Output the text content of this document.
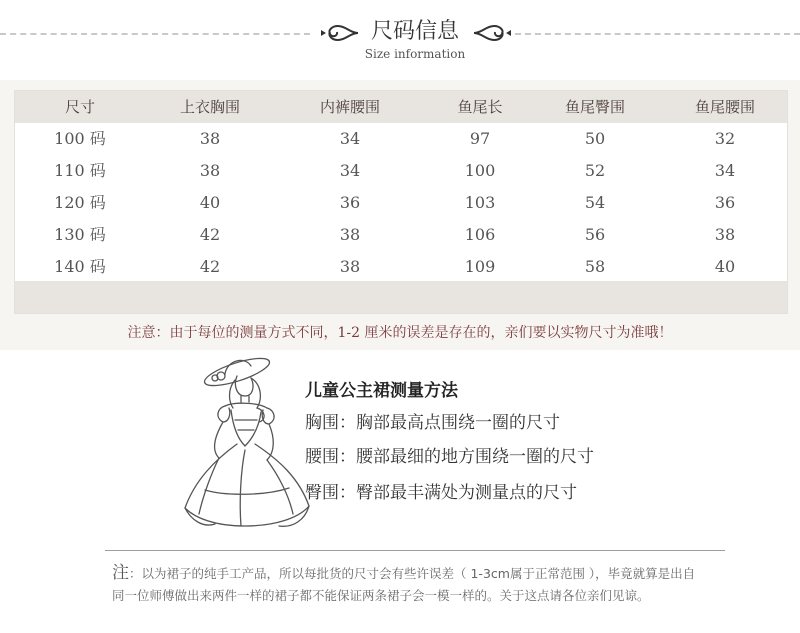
尺码信息
Size information
尺寸	上衣胸围	内裤腰围	鱼尾长	鱼尾臀围	鱼尾腰围
100 码	38	34	97	50	32
110 码	38	34	100	52	34
120 码	40	36	103	54	36
130 码	42	38	106	56	38
140 码	42	38	109	58	40
注意：由于每位的测量方式不同，1-2 厘米的误差是存在的，亲们要以实物尺寸为准哦！
儿童公主裙测量方法
胸围：胸部最高点围绕一圈的尺寸
腰围：腰部最细的地方围绕一圈的尺寸
臀围：臀部最丰满处为测量点的尺寸
注：以为裙子的纯手工产品，所以每批货的尺寸会有些许误差（ 1-3cm属于正常范围 ），毕竟就算是出自
同一位师傅做出来两件一样的裙子都不能保证两条裙子会一模一样的。关于这点请各位亲们见谅。
